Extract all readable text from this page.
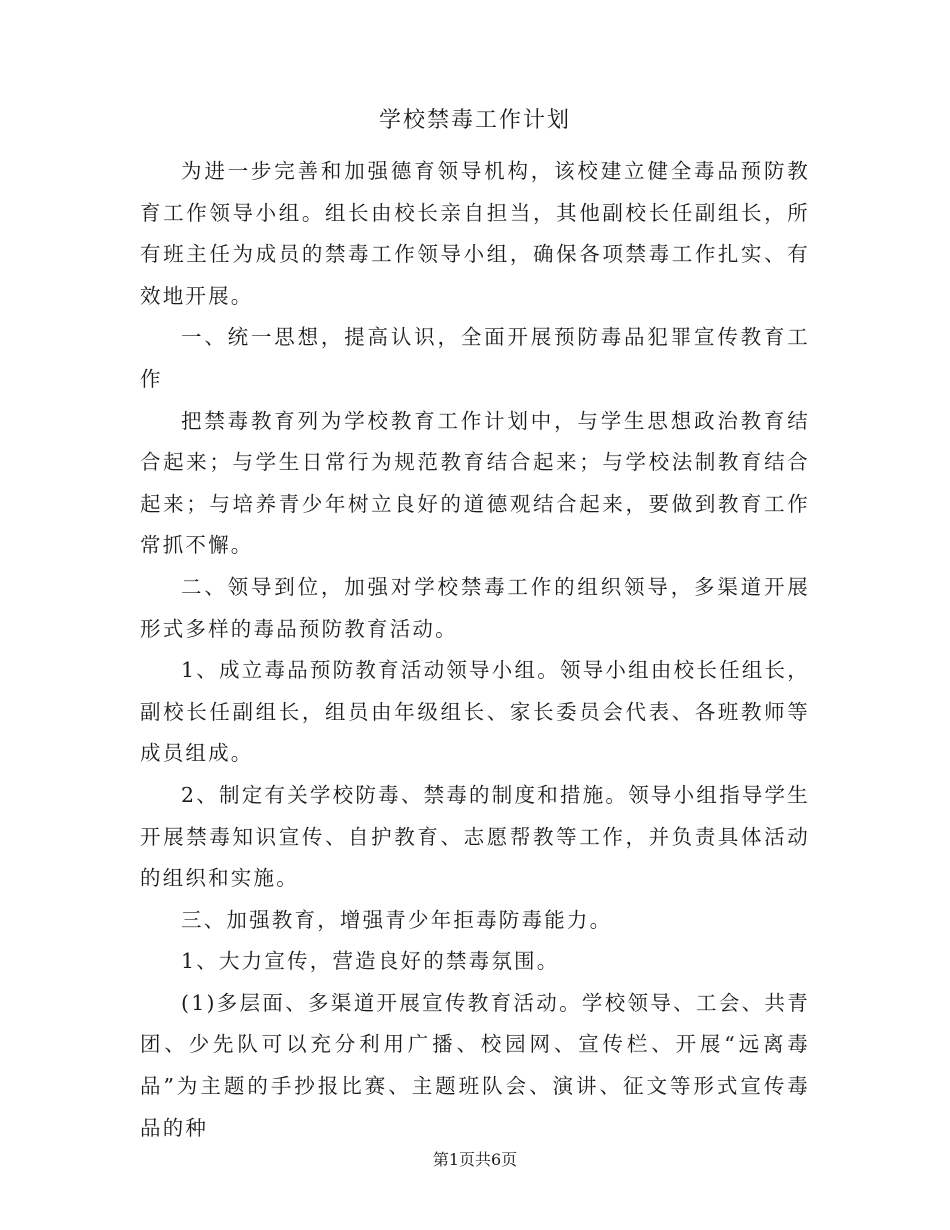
学校禁毒工作计划

为进一步完善和加强德育领导机构，该校建立健全毒品预防教育工作领导小组。组长由校长亲自担当，其他副校长任副组长，所有班主任为成员的禁毒工作领导小组，确保各项禁毒工作扎实、有效地开展。

一、统一思想，提高认识，全面开展预防毒品犯罪宣传教育工作

把禁毒教育列为学校教育工作计划中，与学生思想政治教育结合起来；与学生日常行为规范教育结合起来；与学校法制教育结合起来；与培养青少年树立良好的道德观结合起来，要做到教育工作常抓不懈。

二、领导到位，加强对学校禁毒工作的组织领导，多渠道开展形式多样的毒品预防教育活动。

1、成立毒品预防教育活动领导小组。领导小组由校长任组长，副校长任副组长，组员由年级组长、家长委员会代表、各班教师等成员组成。

2、制定有关学校防毒、禁毒的制度和措施。领导小组指导学生开展禁毒知识宣传、自护教育、志愿帮教等工作，并负责具体活动的组织和实施。

三、加强教育，增强青少年拒毒防毒能力。

1、大力宣传，营造良好的禁毒氛围。

(1)多层面、多渠道开展宣传教育活动。学校领导、工会、共青团、少先队可以充分利用广播、校园网、宣传栏、开展“远离毒品”为主题的手抄报比赛、主题班队会、演讲、征文等形式宣传毒品的种

第1页共6页
